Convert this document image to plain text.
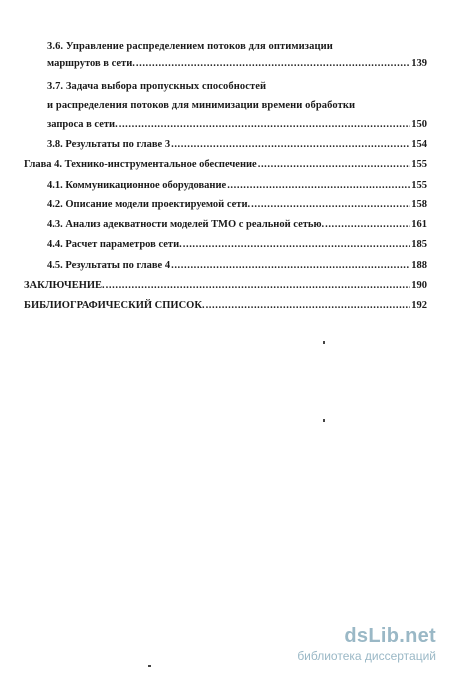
3.6. Управление распределением потоков для оптимизации
маршрутов в сети. .....	139
3.7. Задача выбора пропускных способностей
и распределения потоков для минимизации времени обработки
запроса в сети. .....	150
3.8. Результаты по главе 3 .....	154
Глава 4. Технико-инструментальное обеспечение .....	155
4.1. Коммуникационное оборудование .....	155
4.2. Описание модели проектируемой сети. .....	158
4.3. Анализ адекватности моделей ТМО с реальной сетью. .....	161
4.4. Расчет параметров сети. .....	185
4.5. Результаты по главе 4 .....	188
ЗАКЛЮЧЕНИЕ. .....	190
БИБЛИОГРАФИЧЕСКИЙ СПИСОК. .....	192
dsLib.net
библиотека диссертаций
